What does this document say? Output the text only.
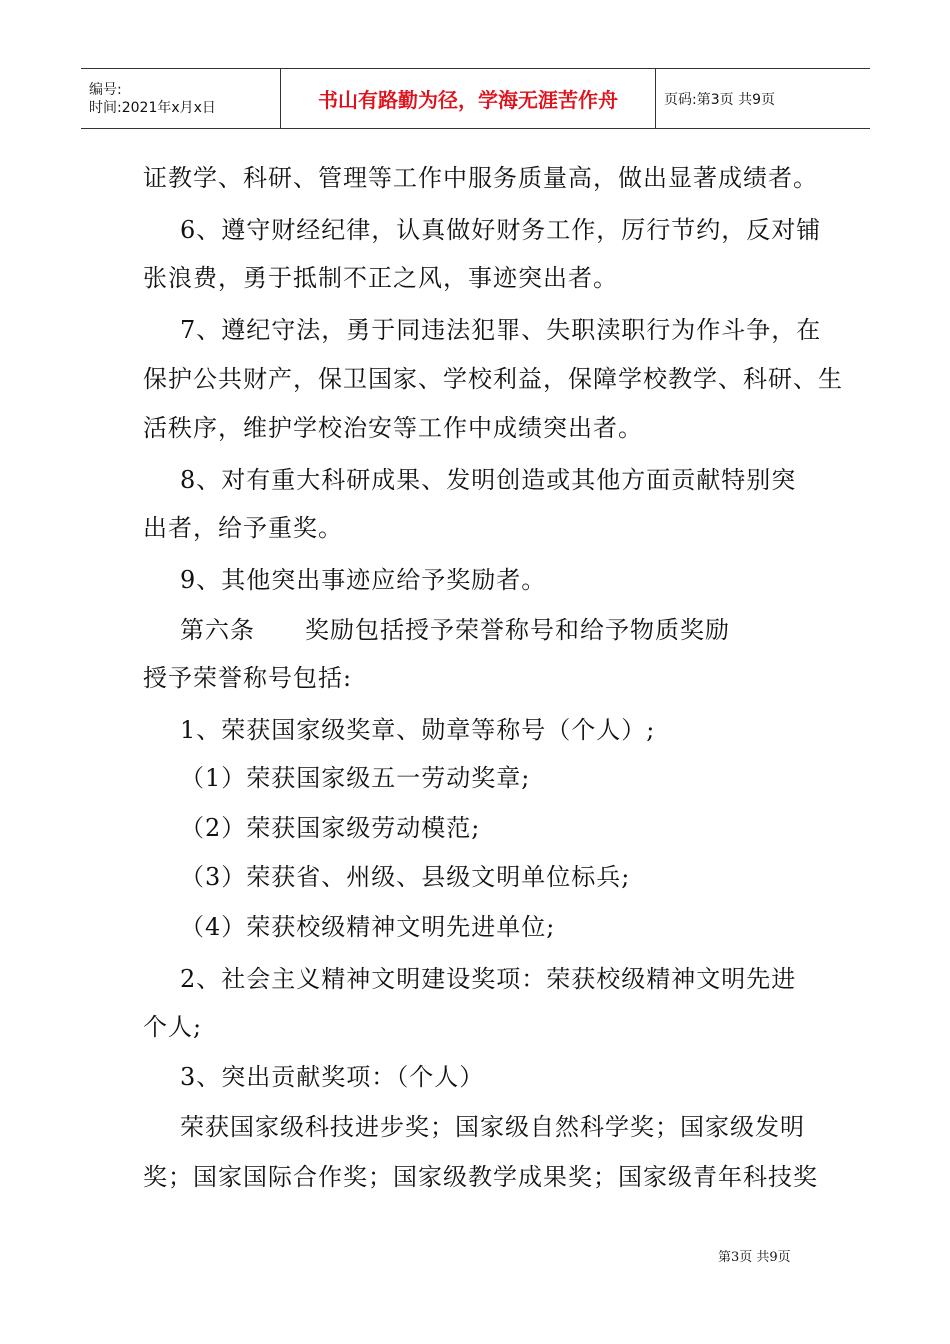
编号:
时间:2021年x月x日	书山有路勤为径，学海无涯苦作舟	页码:第3页 共9页
证教学、科研、管理等工作中服务质量高，做出显著成绩者。
6、遵守财经纪律，认真做好财务工作，厉行节约，反对铺
张浪费，勇于抵制不正之风，事迹突出者。
7、遵纪守法，勇于同违法犯罪、失职渎职行为作斗争，在
保护公共财产，保卫国家、学校利益，保障学校教学、科研、生
活秩序，维护学校治安等工作中成绩突出者。
8、对有重大科研成果、发明创造或其他方面贡献特别突
出者，给予重奖。
9、其他突出事迹应给予奖励者。
第六条　　奖励包括授予荣誉称号和给予物质奖励
授予荣誉称号包括:
1、荣获国家级奖章、勋章等称号（个人）;
（1）荣获国家级五一劳动奖章;
（2）荣获国家级劳动模范;
（3）荣获省、州级、县级文明单位标兵;
（4）荣获校级精神文明先进单位;
2、社会主义精神文明建设奖项：荣获校级精神文明先进
个人;
3、突出贡献奖项：（个人）
荣获国家级科技进步奖；国家级自然科学奖；国家级发明
奖；国家国际合作奖；国家级教学成果奖；国家级青年科技奖
第3页 共9页
